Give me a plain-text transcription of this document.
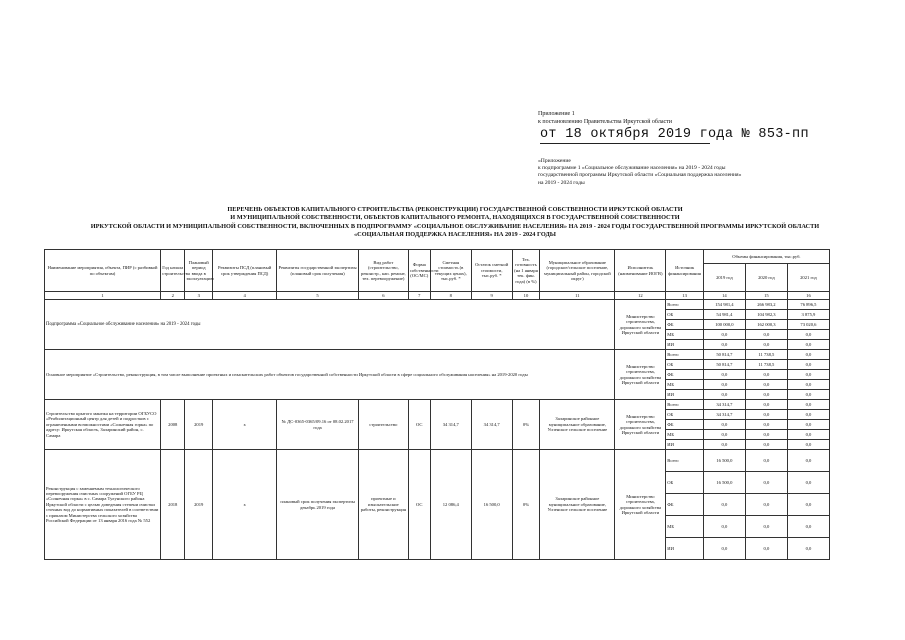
Приложение 1
к постановлению Правительства Иркутской области
от 18 октября 2019 года № 853-пп
«Приложение
к подпрограмме 1 «Социальное обслуживание населения» на 2019 - 2024 годы
государственной программы Иркутской области «Социальная поддержка населения»
на 2019 - 2024 годы
ПЕРЕЧЕНЬ ОБЪЕКТОВ КАПИТАЛЬНОГО СТРОИТЕЛЬСТВА (РЕКОНСТРУКЦИИ) ГОСУДАРСТВЕННОЙ СОБСТВЕННОСТИ ИРКУТСКОЙ ОБЛАСТИ
И МУНИЦИПАЛЬНОЙ СОБСТВЕННОСТИ, ОБЪЕКТОВ КАПИТАЛЬНОГО РЕМОНТА, НАХОДЯЩИХСЯ В ГОСУДАРСТВЕННОЙ СОБСТВЕННОСТИ
ИРКУТСКОЙ ОБЛАСТИ И МУНИЦИПАЛЬНОЙ СОБСТВЕННОСТИ, ВКЛЮЧЕННЫХ В ПОДПРОГРАММУ «СОЦИАЛЬНОЕ ОБСЛУЖИВАНИЕ НАСЕЛЕНИЯ» НА 2019 - 2024 ГОДЫ ГОСУДАРСТВЕННОЙ ПРОГРАММЫ ИРКУТСКОЙ ОБЛАСТИ
«СОЦИАЛЬНАЯ ПОДДЕРЖКА НАСЕЛЕНИЯ» НА 2019 - 2024 ГОДЫ
Наименование мероприятия, объекта, ПИР (с разбивкой по объектам)	Год начала строительства	Плановый период ввода в эксплуатацию	Реквизиты ПСД (плановый срок утверждения ПСД)	Реквизиты государственной экспертизы (плановый срок получения)	Вид работ (строительство, реконстр., кап. ремонт, тех. перевооружение)	Форма собственности (ОС/МС)	Сметная стоимость (в текущих ценах), тыс.руб. *	Остаток сметной стоимости, тыс.руб. *	Тех. готовность (на 1 января тек. фин. года) (в %)	Муниципальное образование (городское/сельское поселение, муниципальный район, городской округ)	Исполнитель (наименование ИОГВ)	Источник финансирования	Объемы финансирования, тыс.руб.		
													2019 год	2020 год	2021 год
1	2	3	4	5	6	7	8	9	10	11	12	13	14	15	16
Подпрограмма «Социальное обслуживание населения» на 2019 - 2024 годы											Министерство строительства, дорожного хозяйства Иркутской области	Всего	154 981,4	266 983,2	76 896,5
												ОБ	54 981,4	104 982,3	3 875,9
												ФБ	100 000,0	162 000,3	73 020,6
												МБ	0,0	0,0	0,0
												ИИ	0,0	0,0	0,0
Основное мероприятие «Строительство, реконструкция, в том числе выполнение проектных и изыскательских работ объектов государственной собственности Иркутской области в сфере социального обслуживания населения» на 2019-2020 годы											Министерство строительства, дорожного хозяйства Иркутской области	Всего	50 814,7	11 738,5	0,0
												ОБ	50 814,7	11 738,5	0,0
												ФБ	0,0	0,0	0,0
												МБ	0,0	0,0	0,0
												ИИ	0,0	0,0	0,0
Строительство крытого манежа на территории ОГБУСО «Реабилитационный центр для детей и подростков с ограниченными возможностями «Солнечная горка» по адресу: Иркутская область, Заларинский район, с. Самара	2008	2019	х	№ ДС-0365-0365/09.16 от 08.02.2017 года	строительство	ОС	34 314,7	34 314,7	0%	Заларинское районное муниципальное образование, Успенское сельское поселение	Министерство строительства, дорожного хозяйства Иркутской области	Всего	34 314,7	0,0	0,0
												ОБ	34 314,7	0,0	0,0
												ФБ	0,0	0,0	0,0
												МБ	0,0	0,0	0,0
												ИИ	0,0	0,0	0,0
Реконструкция с заменяемым технологического перевооружения очистных сооружений ОГБУ РЦ «Солнечная горка» в с. Самара Тулунского района Иркутской области с целью доведения степени очистки сточных вод до нормативных показателей в соответствии с приказом Министерства сельского хозяйства Российской Федерации от 13 января 2016 года № 552	2018	2019	х	плановый срок получения экспертизы декабрь 2019 года	проектные и изыскательские работы, реконструкция	ОС	12 086,4	16 500,0	0%	Заларинское районное муниципальное образование, Успенское сельское поселение	Министерство строительства, дорожного хозяйства Иркутской области	Всего	16 500,0	0,0	0,0
												ОБ	16 500,0	0,0	0,0
												ФБ	0,0	0,0	0,0
												МБ	0,0	0,0	0,0
												ИИ	0,0	0,0	0,0
